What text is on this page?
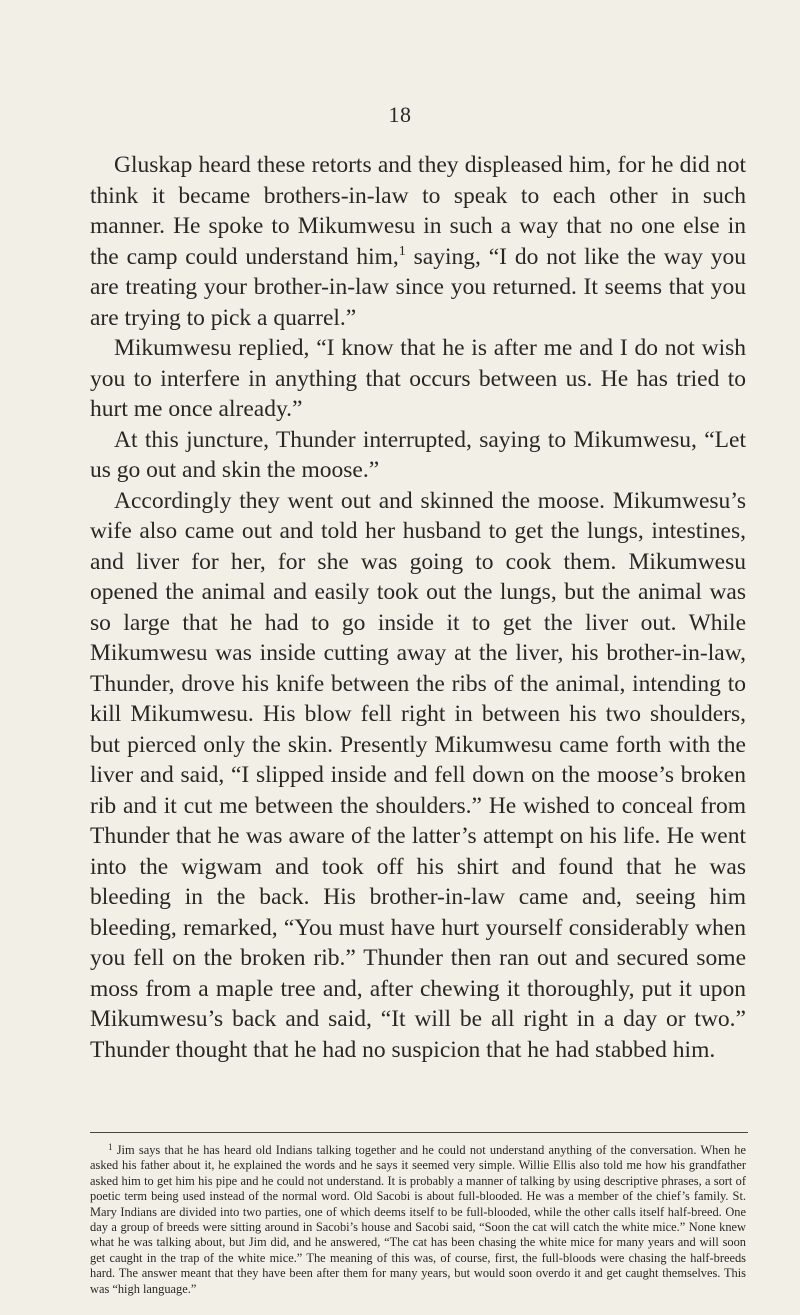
18

Gluskap heard these retorts and they displeased him, for he did not think it became brothers-in-law to speak to each other in such manner. He spoke to Mikumwesu in such a way that no one else in the camp could understand him,$^1$ saying, “I do not like the way you are treating your brother-in-law since you returned. It seems that you are trying to pick a quarrel.”

Mikumwesu replied, “I know that he is after me and I do not wish you to interfere in anything that occurs between us. He has tried to hurt me once already.”

At this juncture, Thunder interrupted, saying to Mikumwesu, “Let us go out and skin the moose.”

Accordingly they went out and skinned the moose. Mikumwesu’s wife also came out and told her husband to get the lungs, intestines, and liver for her, for she was going to cook them. Mikumwesu opened the animal and easily took out the lungs, but the animal was so large that he had to go inside it to get the liver out. While Mikumwesu was inside cutting away at the liver, his brother-in-law, Thunder, drove his knife between the ribs of the animal, intending to kill Mikumwesu. His blow fell right in between his two shoulders, but pierced only the skin. Presently Mikumwesu came forth with the liver and said, “I slipped inside and fell down on the moose’s broken rib and it cut me between the shoulders.” He wished to conceal from Thunder that he was aware of the latter’s attempt on his life. He went into the wigwam and took off his shirt and found that he was bleeding in the back. His brother-in-law came and, seeing him bleeding, remarked, “You must have hurt yourself considerably when you fell on the broken rib.” Thunder then ran out and secured some moss from a maple tree and, after chewing it thoroughly, put it upon Mikumwesu’s back and said, “It will be all right in a day or two.” Thunder thought that he had no suspicion that he had stabbed him.

$^1$ Jim says that he has heard old Indians talking together and he could not understand anything of the conversation. When he asked his father about it, he explained the words and he says it seemed very simple. Willie Ellis also told me how his grandfather asked him to get him his pipe and he could not understand. It is probably a manner of talking by using descriptive phrases, a sort of poetic term being used instead of the normal word. Old Sacobi is about full-blooded. He was a member of the chief’s family. St. Mary Indians are divided into two parties, one of which deems itself to be full-blooded, while the other calls itself half-breed. One day a group of breeds were sitting around in Sacobi’s house and Sacobi said, “Soon the cat will catch the white mice.” None knew what he was talking about, but Jim did, and he answered, “The cat has been chasing the white mice for many years and will soon get caught in the trap of the white mice.” The meaning of this was, of course, first, the full-bloods were chasing the half-breeds hard. The answer meant that they have been after them for many years, but would soon overdo it and get caught themselves. This was “high language.”
